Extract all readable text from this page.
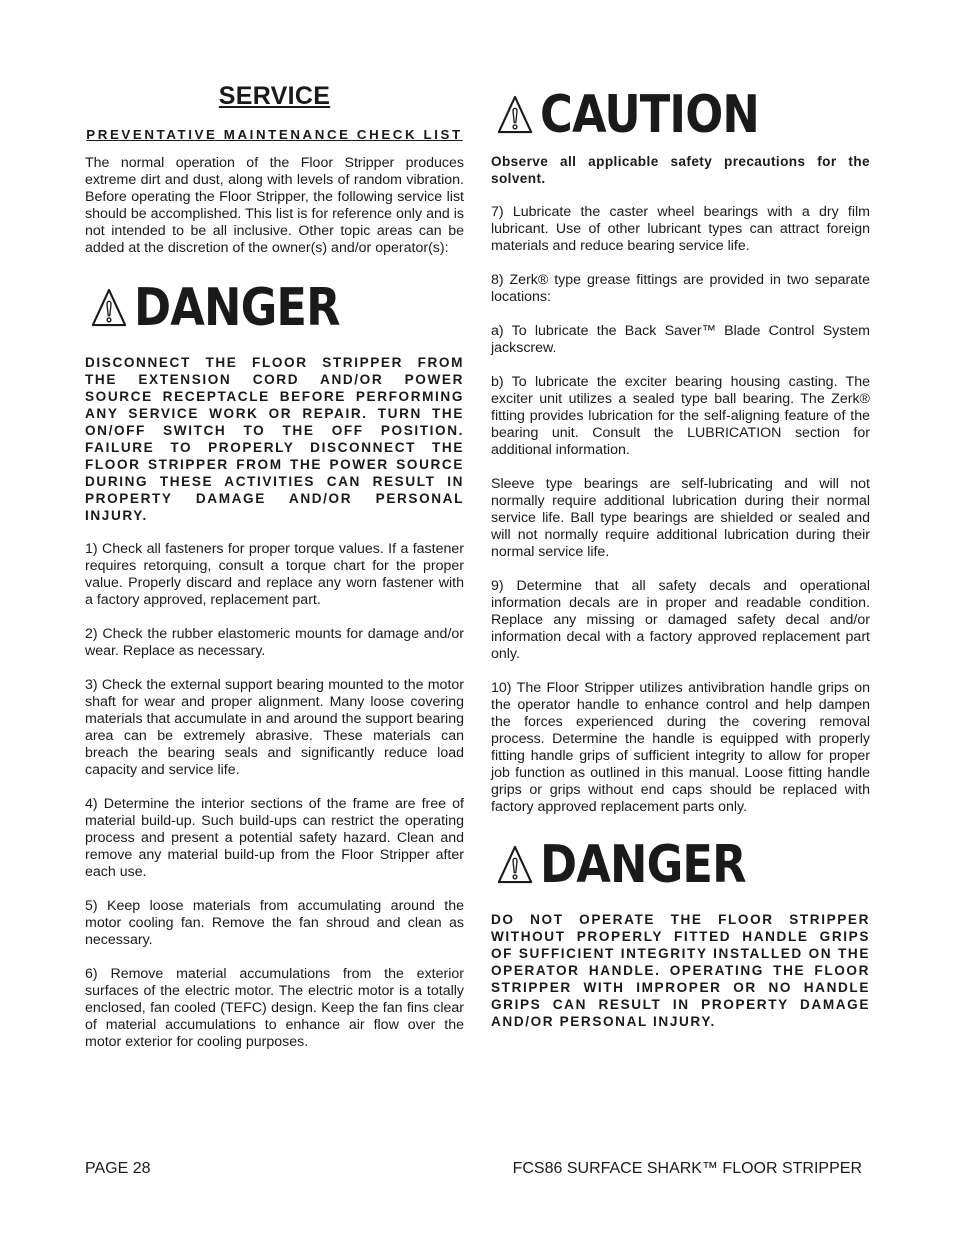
SERVICE
PREVENTATIVE MAINTENANCE CHECK LIST

The normal operation of the Floor Stripper produces extreme dirt and dust, along with levels of random vibration. Before operating the Floor Stripper, the following service list should be accomplished. This list is for reference only and is not intended to be all inclusive. Other topic areas can be added at the discretion of the owner(s) and/or operator(s):

DANGER

DISCONNECT THE FLOOR STRIPPER FROM THE EXTENSION CORD AND/OR POWER SOURCE RECEPTACLE BEFORE PERFORMING ANY SERVICE WORK OR REPAIR. TURN THE ON/OFF SWITCH TO THE OFF POSITION. FAILURE TO PROPERLY DISCONNECT THE FLOOR STRIPPER FROM THE POWER SOURCE DURING THESE ACTIVITIES CAN RESULT IN PROPERTY DAMAGE AND/OR PERSONAL INJURY.

1) Check all fasteners for proper torque values. If a fastener requires retorquing, consult a torque chart for the proper value. Properly discard and replace any worn fastener with a factory approved, replacement part.

2) Check the rubber elastomeric mounts for damage and/or wear. Replace as necessary.

3) Check the external support bearing mounted to the motor shaft for wear and proper alignment. Many loose covering materials that accumulate in and around the support bearing area can be extremely abrasive. These materials can breach the bearing seals and significantly reduce load capacity and service life.

4) Determine the interior sections of the frame are free of material build-up. Such build-ups can restrict the operating process and present a potential safety hazard. Clean and remove any material build-up from the Floor Stripper after each use.

5) Keep loose materials from accumulating around the motor cooling fan. Remove the fan shroud and clean as necessary.

6) Remove material accumulations from the exterior surfaces of the electric motor. The electric motor is a totally enclosed, fan cooled (TEFC) design. Keep the fan fins clear of material accumulations to enhance air flow over the motor exterior for cooling purposes.

CAUTION

Observe all applicable safety precautions for the solvent.

7) Lubricate the caster wheel bearings with a dry film lubricant. Use of other lubricant types can attract foreign materials and reduce bearing service life.

8) Zerk® type grease fittings are provided in two separate locations:

a) To lubricate the Back Saver™ Blade Control System jackscrew.

b) To lubricate the exciter bearing housing casting. The exciter unit utilizes a sealed type ball bearing. The Zerk® fitting provides lubrication for the self-aligning feature of the bearing unit. Consult the LUBRICATION section for additional information.

Sleeve type bearings are self-lubricating and will not normally require additional lubrication during their normal service life. Ball type bearings are shielded or sealed and will not normally require additional lubrication during their normal service life.

9) Determine that all safety decals and operational information decals are in proper and readable condition. Replace any missing or damaged safety decal and/or information decal with a factory approved replacement part only.

10) The Floor Stripper utilizes antivibration handle grips on the operator handle to enhance control and help dampen the forces experienced during the covering removal process. Determine the handle is equipped with properly fitting handle grips of sufficient integrity to allow for proper job function as outlined in this manual. Loose fitting handle grips or grips without end caps should be replaced with factory approved replacement parts only.

DANGER

DO NOT OPERATE THE FLOOR STRIPPER WITHOUT PROPERLY FITTED HANDLE GRIPS OF SUFFICIENT INTEGRITY INSTALLED ON THE OPERATOR HANDLE. OPERATING THE FLOOR STRIPPER WITH IMPROPER OR NO HANDLE GRIPS CAN RESULT IN PROPERTY DAMAGE AND/OR PERSONAL INJURY.

PAGE 28	FCS86 SURFACE SHARK™ FLOOR STRIPPER
